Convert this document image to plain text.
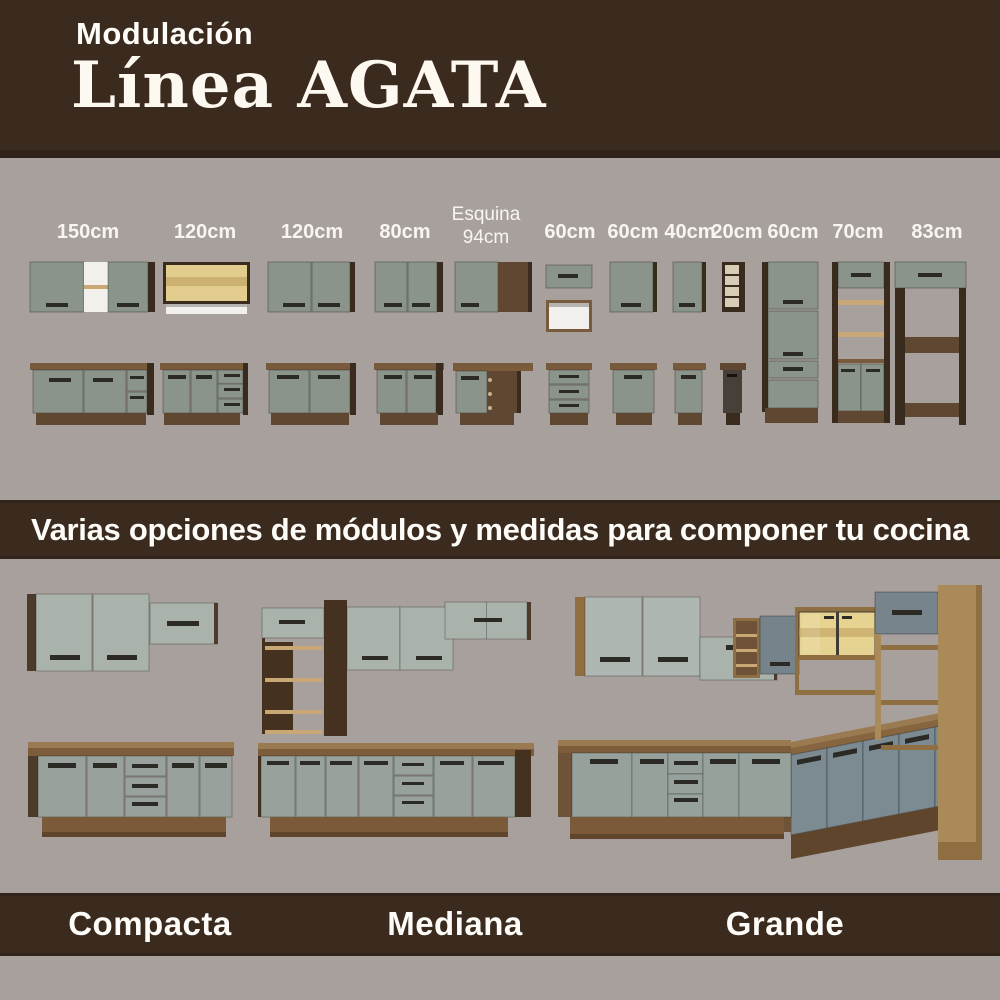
Modulación
Línea AGATA
150cm	120cm	120cm	80cm
Esquina
94cm	60cm 60cm 40cm
20cm 60cm 70cm	83cm
Varias opciones de módulos y medidas para componer tu cocina
Compacta	Mediana	Grande
